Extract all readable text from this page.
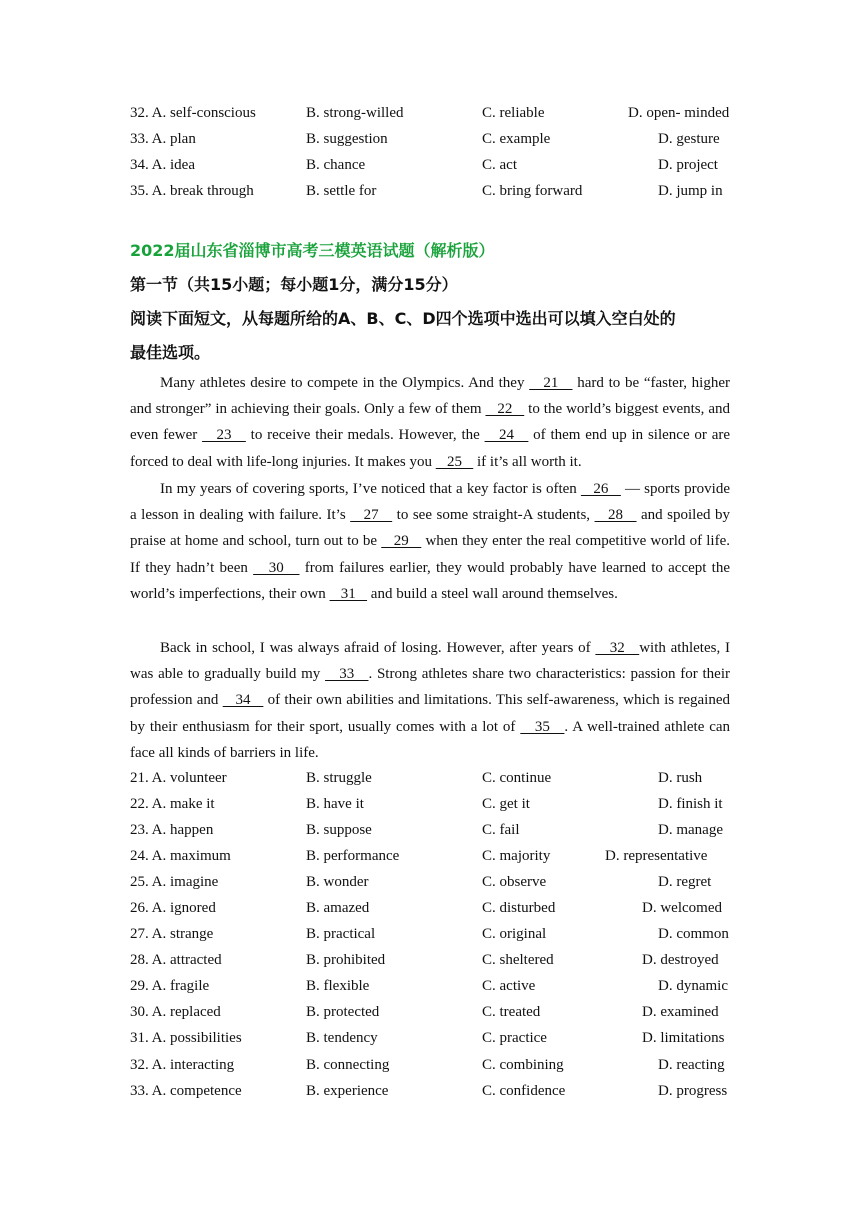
32. A. self-conscious	B. strong-willed	C. reliable	D. open- minded
33. A. plan	B. suggestion	C. example	D. gesture
34. A. idea	B. chance	C. act	D. project
35. A. break through	B. settle for	C. bring forward	D. jump in
2022届山东省淄博市高考三模英语试题（解析版）
第一节（共15小题；每小题1分，满分15分）
阅读下面短文，从每题所给的A、B、C、D四个选项中选出可以填入空白处的
最佳选项。

Many athletes desire to compete in the Olympics. And they    21    hard to be “faster, higher and stronger” in achieving their goals. Only a few of them    22    to the world’s biggest events, and even fewer    23    to receive their medals. However, the    24    of them end up in silence or are forced to deal with life-long injuries. It makes you    25    if it’s all worth it.

In my years of covering sports, I’ve noticed that a key factor is often    26    — sports provide a lesson in dealing with failure. It’s    27    to see some straight-A students,    28    and spoiled by praise at home and school, turn out to be    29    when they enter the real competitive world of life. If they hadn’t been    30    from failures earlier, they would probably have learned to accept the world’s imperfections, their own    31    and build a steel wall around themselves.

Back in school, I was always afraid of losing. However, after years of    32   with athletes, I was able to gradually build my    33   . Strong athletes share two characteristics: passion for their profession and    34    of their own abilities and limitations. This self-awareness, which is regained by their enthusiasm for their sport, usually comes with a lot of    35   . A well-trained athlete can face all kinds of barriers in life.

21. A. volunteer	B. struggle	C. continue	D. rush
22. A. make it	B. have it	C. get it	D. finish it
23. A. happen	B. suppose	C. fail	D. manage
24. A. maximum	B. performance	C. majority	D. representative
25. A. imagine	B. wonder	C. observe	D. regret
26. A. ignored	B. amazed	C. disturbed	D. welcomed
27. A. strange	B. practical	C. original	D. common
28. A. attracted	B. prohibited	C. sheltered	D. destroyed
29. A. fragile	B. flexible	C. active	D. dynamic
30. A. replaced	B. protected	C. treated	D. examined
31. A. possibilities	B. tendency	C. practice	D. limitations
32. A. interacting	B. connecting	C. combining	D. reacting
33. A. competence	B. experience	C. confidence	D. progress
